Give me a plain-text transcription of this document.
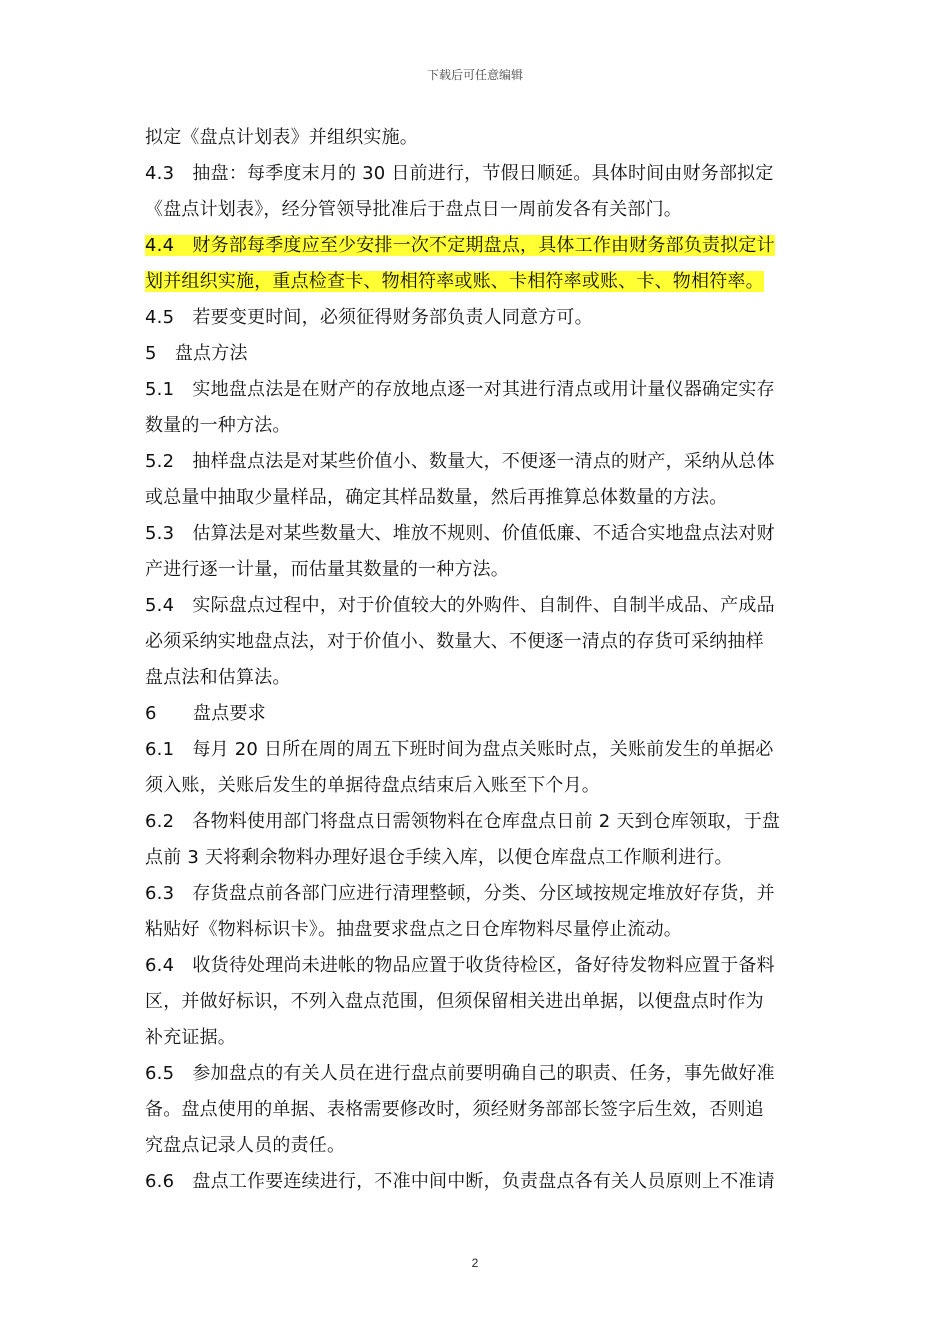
下载后可任意编辑
拟定《盘点计划表》并组织实施。
4.3　抽盘：每季度末月的 30 日前进行，节假日顺延。具体时间由财务部拟定
《盘点计划表》，经分管领导批准后于盘点日一周前发各有关部门。
4.4　财务部每季度应至少安排一次不定期盘点，具体工作由财务部负责拟定计
划并组织实施，重点检查卡、物相符率或账、卡相符率或账、卡、物相符率。
4.5　若要变更时间，必须征得财务部负责人同意方可。
5　盘点方法
5.1　实地盘点法是在财产的存放地点逐一对其进行清点或用计量仪器确定实存
数量的一种方法。
5.2　抽样盘点法是对某些价值小、数量大，不便逐一清点的财产，采纳从总体
或总量中抽取少量样品，确定其样品数量，然后再推算总体数量的方法。
5.3　估算法是对某些数量大、堆放不规则、价值低廉、不适合实地盘点法对财
产进行逐一计量，而估量其数量的一种方法。
5.4　实际盘点过程中，对于价值较大的外购件、自制件、自制半成品、产成品
必须采纳实地盘点法，对于价值小、数量大、不便逐一清点的存货可采纳抽样
盘点法和估算法。
6　　盘点要求
6.1　每月 20 日所在周的周五下班时间为盘点关账时点，关账前发生的单据必
须入账，关账后发生的单据待盘点结束后入账至下个月。
6.2　各物料使用部门将盘点日需领物料在仓库盘点日前 2 天到仓库领取，于盘
点前 3 天将剩余物料办理好退仓手续入库，以便仓库盘点工作顺利进行。
6.3　存货盘点前各部门应进行清理整顿，分类、分区域按规定堆放好存货，并
粘贴好《物料标识卡》。抽盘要求盘点之日仓库物料尽量停止流动。
6.4　收货待处理尚未进帐的物品应置于收货待检区，备好待发物料应置于备料
区，并做好标识，不列入盘点范围，但须保留相关进出单据，以便盘点时作为
补充证据。
6.5　参加盘点的有关人员在进行盘点前要明确自己的职责、任务，事先做好准
备。盘点使用的单据、表格需要修改时，须经财务部部长签字后生效，否则追
究盘点记录人员的责任。
6.6　盘点工作要连续进行，不准中间中断，负责盘点各有关人员原则上不准请
2
